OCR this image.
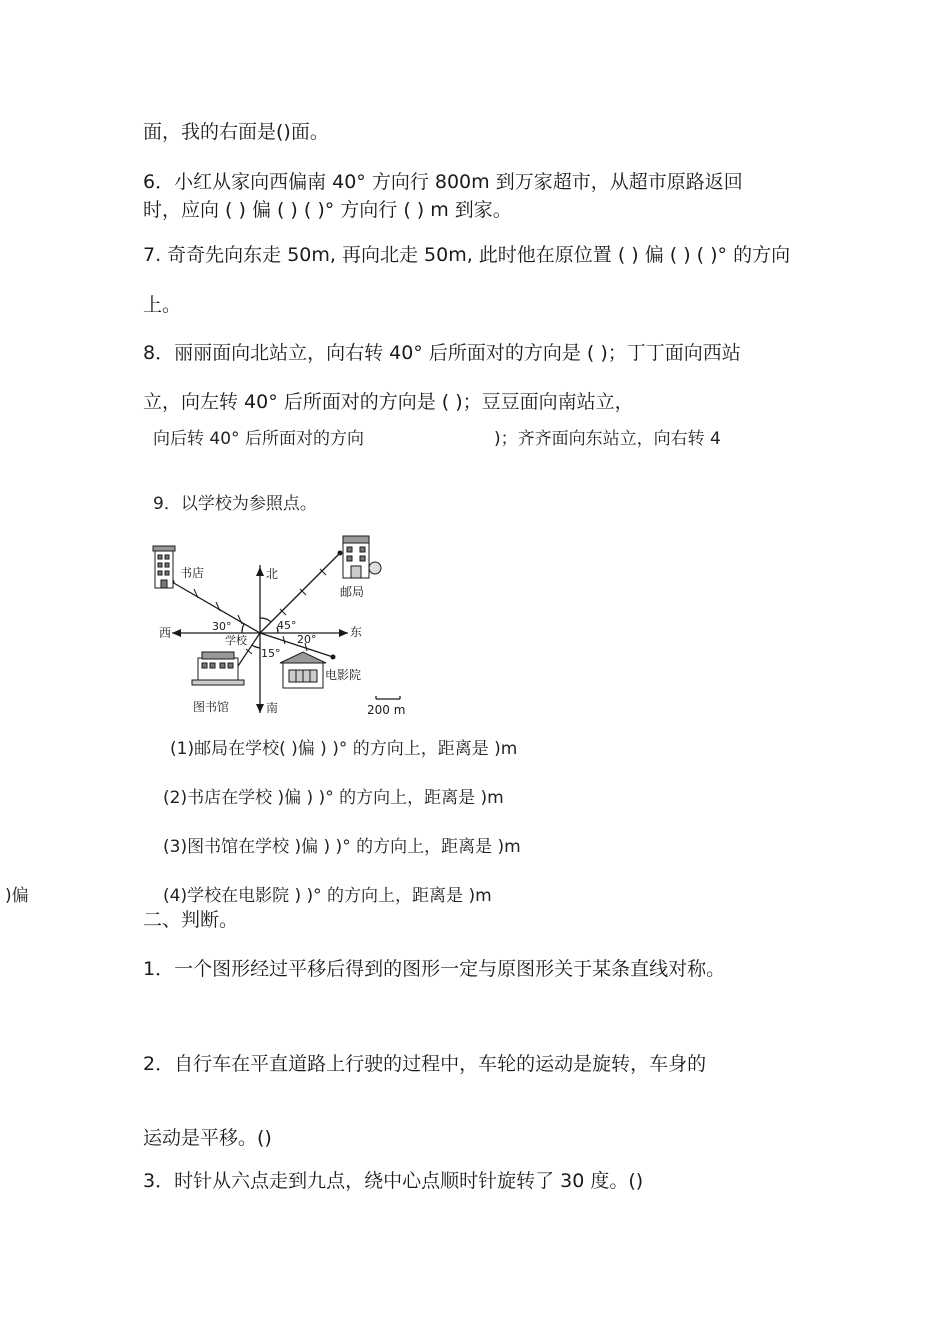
面，我的右面是()面。
6．小红从家向西偏南 40° 方向行 800m 到万家超市，从超市原路返回
时，应向 ( ) 偏 ( ) ( )° 方向行 ( ) m 到家。
7. 奇奇先向东走 50m, 再向北走 50m, 此时他在原位置 ( ) 偏 ( ) ( )° 的方向
上。
8．丽丽面向北站立，向右转 40° 后所面对的方向是 ( )；丁丁面向西站
立，向左转 40° 后所面对的方向是 ( )；豆豆面向南站立，
向后转 40° 后所面对的方向	)；齐齐面向东站立，向右转 4
9．以学校为参照点。
东
西
北
南
学校
书店
邮局
图书馆
电影院
30°	45°
20°
15°
200 m
(1)邮局在学校( )偏 ) )° 的方向上，距离是 )m
(2)书店在学校 )偏 ) )° 的方向上，距离是 )m
(3)图书馆在学校 )偏 ) )° 的方向上，距离是 )m
)偏	(4)学校在电影院 ) )° 的方向上，距离是 )m
二、判断。
1．一个图形经过平移后得到的图形一定与原图形关于某条直线对称。
2．自行车在平直道路上行驶的过程中，车轮的运动是旋转，车身的
运动是平移。()
3．时针从六点走到九点，绕中心点顺时针旋转了 30 度。()
